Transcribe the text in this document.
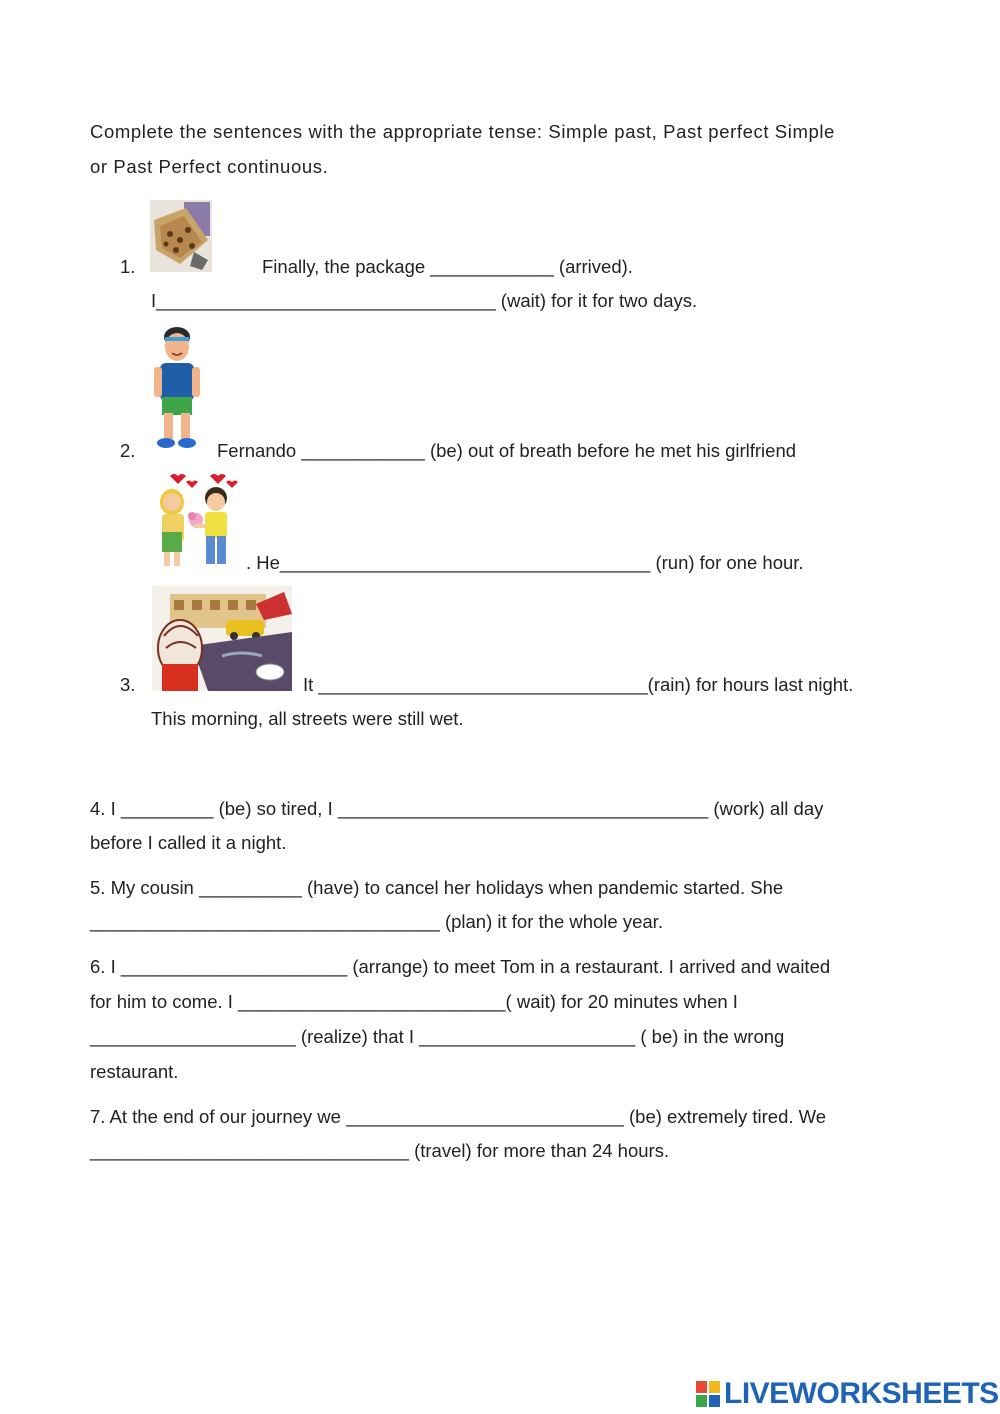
Complete the sentences with the appropriate tense: Simple past, Past perfect Simple
or Past Perfect continuous.
1.	Finally, the package ____________ (arrived).
I_________________________________ (wait) for it for two days.
2.	Fernando ____________ (be) out of breath before he met his girlfriend
. He____________________________________ (run) for one hour.
3.	It ________________________________(rain) for hours last night.
This morning, all streets were still wet.
4. I _________ (be) so tired, I ____________________________________ (work) all day
before I called it a night.
5. My cousin __________ (have) to cancel her holidays when pandemic started. She
__________________________________ (plan) it for the whole year.
6. I ______________________ (arrange) to meet Tom in a restaurant. I arrived and waited
for him to come. I __________________________( wait) for 20 minutes when I
____________________ (realize) that I _____________________ ( be) in the wrong
restaurant.
7. At the end of our journey we ___________________________ (be) extremely tired. We
_______________________________ (travel) for more than 24 hours.
LIVEWORKSHEETS
